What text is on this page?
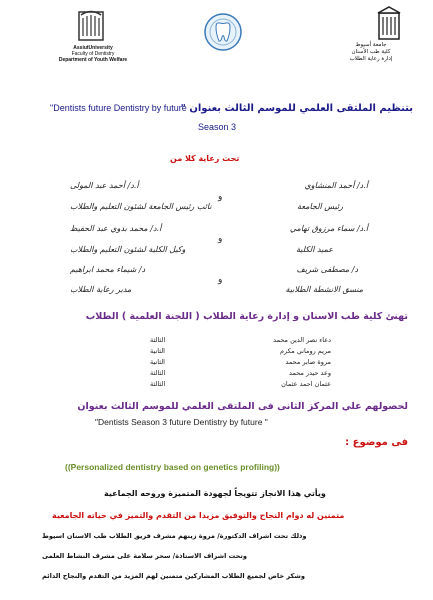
AssiutUniversity
Faculty of Dentistry
Department of Youth Welfare
جامعة أسيوط
كلية طب الأسنان
إدارة رعاية الطلاب
بتنظيم الملتقى العلمي للموسم الثالث بعنوان "
"Dentists future Dentistry by future
Season 3
تحت رعاية كلا من
أ.د/ أحمد عبد المولى
نائب رئيس الجامعة لشئون التعليم والطلاب
أ.د/ محمد بدوي عبد الحفيظ
وكيل الكلية لشئون التعليم والطلاب
د/ شيماء محمد ابراهيم
مدير رعاية الطلاب
و
و
و
أ.د/ أحمد المنشاوي
رئيس الجامعة
أ.د/ سماء مرزوق تهامي
عميد الكلية
د/ مصطفى شريف
منسق الانشطة الطلابية
تهنئ كلية طب الاسنان و إدارة رعاية الطلاب ( اللجنة العلمية ) الطلاب
دعاء نصر الدين محمد
الثالثة
مريم روماني مكرم
الثانية
مروة صابر محمد
الثانية
وعد حيدر محمد
الثالثة
عثمان احمد عثمان
الثالثة
لحصولهم علي المركز الثانى فى الملتقى العلمي للموسم الثالث بعنوان
"Dentists Season 3 future Dentistry by future "
فى موضوع :
((Personalized dentistry based on genetics profiling))
ويأتي هذا الانجاز تتويجاً لجهودة المتميزة وروحه الجماعية
متمنين له دوام النجاح والتوفيق مزيدا من التقدم والتميز في حياته الجامعية
وذلك تحت اشراف الدكتورة/ مروة زينهم مشرف فريق الطلاب طب الاسنان اسيوط
وتحت اشراف الاستاذة/ سحر سلامة على مشرف النشاط العلمى
وشكر خاص لجميع الطلاب المشاركين متمنين لهم المزيد من التقدم والنجاح الدائم
